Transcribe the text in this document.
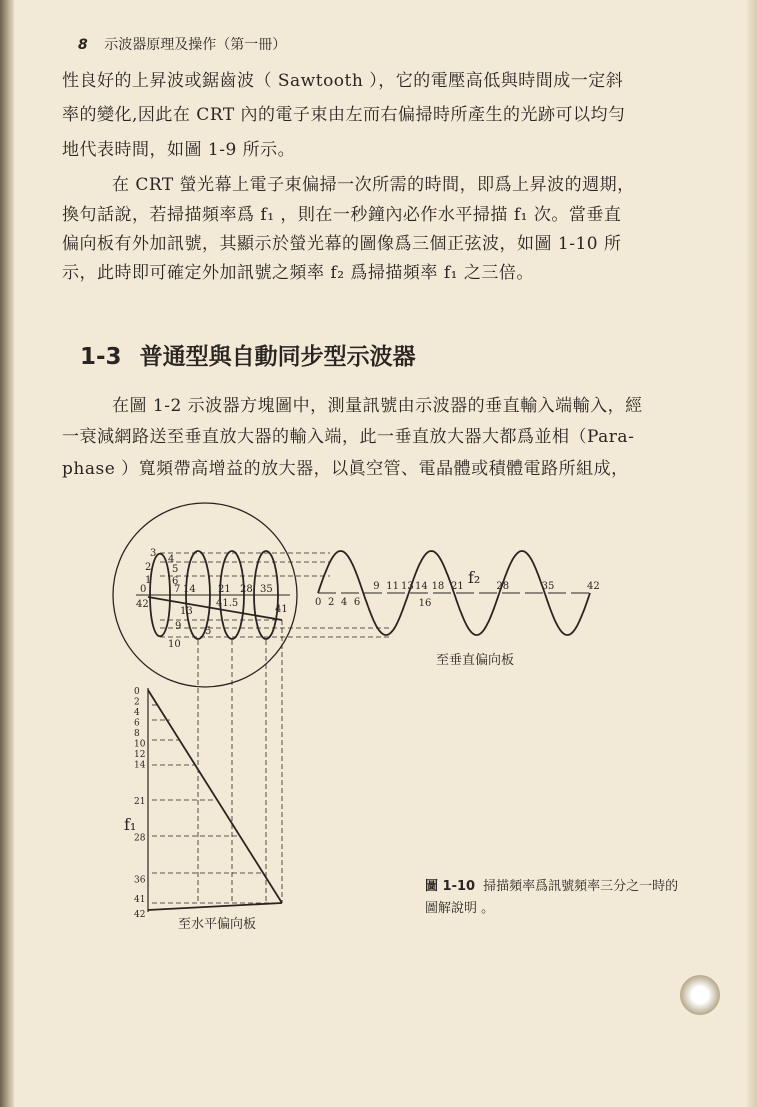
8 示波器原理及操作（第一冊）
性良好的上昇波或鋸齒波（ Sawtooth ），它的電壓高低與時間成一定斜
率的變化,因此在 CRT 內的電子束由左而右偏掃時所產生的光跡可以均勻
地代表時間，如圖 1-9 所示。
在 CRT 螢光幕上電子束偏掃一次所需的時間，即爲上昇波的週期，
換句話說，若掃描頻率爲 f₁ ，則在一秒鐘內必作水平掃描 f₁ 次。當垂直
偏向板有外加訊號，其顯示於螢光幕的圖像爲三個正弦波，如圖 1-10 所
示，此時即可確定外加訊號之頻率 f₂ 爲掃描頻率 f₁ 之三倍。
1-3 普通型與自動同步型示波器
在圖 1-2 示波器方塊圖中，測量訊號由示波器的垂直輸入端輸入，經
一衰減網路送至垂直放大器的輸入端，此一垂直放大器大都爲並相（Para-
phase ）寬頻帶高增益的放大器，以眞空管、電晶體或積體電路所組成，
3
2
1
4
5
6
0
42
7 14 21 28 35
13
41.5
41
9 5
10
0 2 4 6
9 11 13 14
16
18 21	28	35	42
0
2
4
6
8
10
12
14
21
28
36
41
42
f₂
f₁
至垂直偏向板
至水平偏向板
圖 1-10 掃描頻率爲訊號頻率三分之一時的圖解說明 。
